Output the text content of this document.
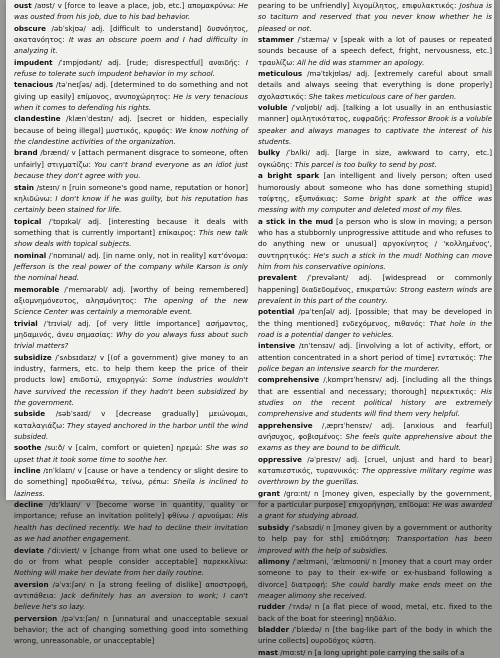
oust /aʊst/ v [force to leave a place, job, etc.] απομακρύνω: He was ousted from his job, due to his bad behavior.

obscure /əbˈskjʊə/ adj. [difficult to understand] δυσνόητος, ακατανόητος: It was an obscure poem and I had difficulty in analyzing it.

impudent /ˈɪmpjʊdənt/ adj. [rude; disrespectful] αναιδής: I refuse to tolerate such impudent behavior in my school.

tenacious /təˈneɪʃəs/ adj. [determined to do something and not giving up easily] επίμονος, ανυποχώρητος: He is very tenacious when it comes to defending his rights.

clandestine /klænˈdestɪn/ adj. [secret or hidden, especially because of being illegal] μυστικός, κρυφός: We know nothing of the clandestine activities of the organization.

brand /brænd/ v [attach permanent disgrace to someone, often unfairly] στιγματίζω: You can't brand everyone as an idiot just because they don't agree with you.

stain /steɪn/ n [ruin someone's good name, reputation or honor] κηλιδώνω: I don't know if he was guilty, but his reputation has certainly been stained for life.

topical /ˈtɒpɪkəl/ adj. [interesting because it deals with something that is currently important] επίκαιρος: This new talk show deals with topical subjects.

nominal /ˈnɒmɪnəl/ adj. [in name only, not in reality] κατ'όνομα: Jefferson is the real power of the company while Karson is only the nominal head.

memorable /ˈmemərəbl/ adj. [worthy of being remembered] αξιομνημόνευτος, αλησμόνητος: The opening of the new Science Center was certainly a memorable event.

trivial /ˈtrɪviəl/ adj. [of very little importance] ασήμαντος, μηδαμινός, άνευ σημασίας: Why do you always fuss about such trivial matters?

subsidize /ˈsʌbsɪdaɪz/ v [(of a government) give money to an industry, farmers, etc. to help them keep the price of their products low] επιδοτώ, επιχορηγώ: Some industries wouldn't have survived the recession if they hadn't been subsidized by the government.

subside /səbˈsaɪd/ v [decrease gradually] μειώνομαι, καταλαγιάζω: They stayed anchored in the harbor until the wind subsided.

soothe /suːð/ v [calm, comfort or quieten] ηρεμώ: She was so upset that it took some time to soothe her.

incline /ɪnˈklaɪn/ v [cause or have a tendency or slight desire to do something] προδιαθέτω, τείνω, ρέπω: Sheila is inclined to laziness.

decline /dɪˈklaɪn/ v [become worse in quantity, quality or importance; refuse an invitation politely] φθίνω / αρνούμαι: His health has declined recently. We had to decline their invitation as we had another engagement.

deviate /ˈdiːvieɪt/ v [change from what one used to believe or do or from what people consider acceptable] παρεκκλίνω: Nothing will make her deviate from her daily routine.

aversion /əˈvɜːʃən/ n [a strong feeling of dislike] αποστροφή, αντιπάθεια: Jack definitely has an aversion to work; I can't believe he's so lazy.

perversion /pəˈvɜːʃən/ n [unnatural and unacceptable sexual behavior; the act of changing something good into something wrong, unreasonable, or unacceptable]

pearing to be unfriendly] λιγομίλητος, επιφυλακτικός: Joshua is so taciturn and reserved that you never know whether he is pleased or not.

stammer /ˈstæmə/ v [speak with a lot of pauses or repeated sounds because of a speech defect, fright, nervousness, etc.] τραυλίζω: All he did was stammer an apology.

meticulous /məˈtɪkjʊləs/ adj. [extremely careful about small details and always seeing that everything is done properly] σχολαστικός: She takes meticulous care of her garden.

voluble /ˈvɒljʊbl/ adj. [talking a lot usually in an enthusiastic manner] ομιλητικότατος, ευφραδής: Professor Brook is a voluble speaker and always manages to captivate the interest of his students.

bulky /ˈbʌlki/ adj. [large in size, awkward to carry, etc.] ογκώδης: This parcel is too bulky to send by post.

a bright spark [an intelligent and lively person; often used humorously about someone who has done something stupid] τσίφτης, εξυπνάκιας: Some bright spark at the office was messing with my computer and deleted most of my files.

a stick in the mud [a person who is slow in moving; a person who has a stubbornly unprogressive attitude and who refuses to do anything new or unusual] αργοκίνητος / 'κολλημένος', συντηρητικός: He's such a stick in the mud! Nothing can move him from his conservative opinions.

prevalent /ˈprevələnt/ adj. [widespread or commonly happening] διαδεδομένος, επικρατών: Strong eastern winds are prevalent in this part of the country.

potential /pəˈtenʃəl/ adj. [possible; that may be developed in the thing mentioned] ενδεχόμενος, πιθανός: That hole in the road is a potential danger to vehicles.

intensive /ɪnˈtensɪv/ adj. [involving a lot of activity, effort, or attention concentrated in a short period of time] εντατικός: The police began an intensive search for the murderer.

comprehensive /ˌkɒmprɪˈhensɪv/ adj. [including all the things that are essential and necessary; thorough] περιεκτικός: His studies on the recent political history are extremely comprehensive and students will find them very helpful.

apprehensive /ˌæprɪˈhensɪv/ adj. [anxious and fearful] ανήσυχος, φοβισμένος: She feels quite apprehensive about the exams as they are bound to be difficult.

oppressive /əˈpresɪv/ adj. [cruel, unjust and hard to bear] καταπιεστικός, τυραννικός: The oppressive military regime was overthrown by the guerillas.

grant /ɡrɑːnt/ n [money given, especially by the government, for a particular purpose] επιχορήγηση, επίδομα: He was awarded a grant for studying abroad.

subsidy /ˈsʌbsɪdi/ n [money given by a government or authority to help pay for sth] επιδότηση: Transportation has been improved with the help of subsidies.

alimony /ˈælɪməni, ˈælɪmoʊni/ n [money that a court may order someone to pay to their ex-wife or ex-husband following a divorce] διατροφή: She could hardly make ends meet on the meager alimony she received.

rudder /ˈrʌdə/ n [a flat piece of wood, metal, etc. fixed to the back of the boat for steering] πηδάλιο.

bladder /ˈblædə/ n [the bag-like part of the body in which the urine collects] ουροδόχος κύστη.

mast /mɑːst/ n [a long upright pole carrying the sails of a
